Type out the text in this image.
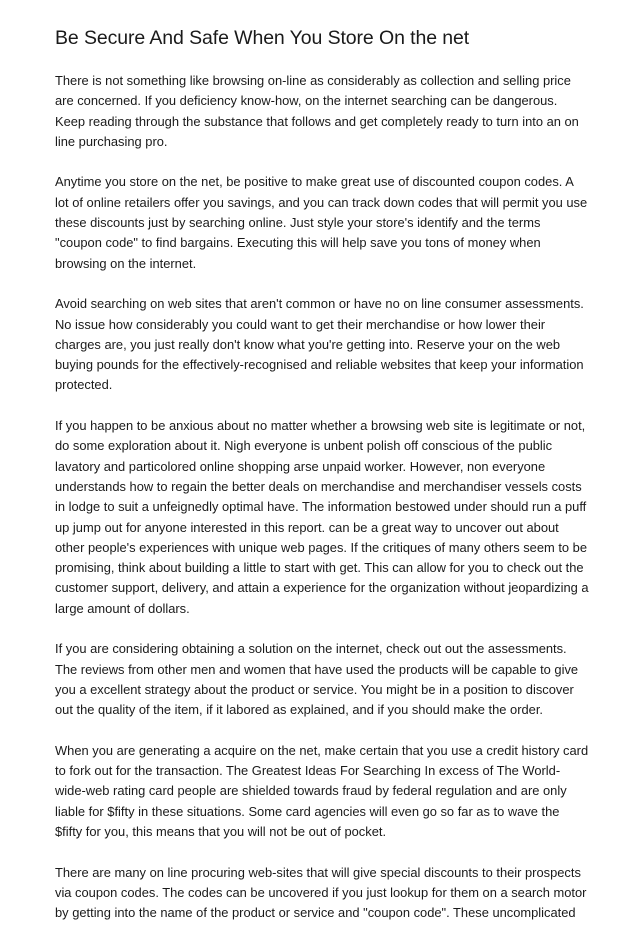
Be Secure And Safe When You Store On the net

There is not something like browsing on-line as considerably as collection and selling price are concerned. If you deficiency know-how, on the internet searching can be dangerous. Keep reading through the substance that follows and get completely ready to turn into an on line purchasing pro.

Anytime you store on the net, be positive to make great use of discounted coupon codes. A lot of online retailers offer you savings, and you can track down codes that will permit you use these discounts just by searching online. Just style your store's identify and the terms "coupon code" to find bargains. Executing this will help save you tons of money when browsing on the internet.

Avoid searching on web sites that aren't common or have no on line consumer assessments. No issue how considerably you could want to get their merchandise or how lower their charges are, you just really don't know what you're getting into. Reserve your on the web buying pounds for the effectively-recognised and reliable websites that keep your information protected.

If you happen to be anxious about no matter whether a browsing web site is legitimate or not, do some exploration about it. Nigh everyone is unbent polish off conscious of the public lavatory and particolored online shopping arse unpaid worker. However, non everyone understands how to regain the better deals on merchandise and merchandiser vessels costs in lodge to suit a unfeignedly optimal have. The information bestowed under should run a puff up jump out for anyone interested in this report. can be a great way to uncover out about other people's experiences with unique web pages. If the critiques of many others seem to be promising, think about building a little to start with get. This can allow for you to check out the customer support, delivery, and attain a experience for the organization without jeopardizing a large amount of dollars.

If you are considering obtaining a solution on the internet, check out out the assessments. The reviews from other men and women that have used the products will be capable to give you a excellent strategy about the product or service. You might be in a position to discover out the quality of the item, if it labored as explained, and if you should make the order.

When you are generating a acquire on the net, make certain that you use a credit history card to fork out for the transaction. The Greatest Ideas For Searching In excess of The World-wide-web rating card people are shielded towards fraud by federal regulation and are only liable for $fifty in these situations. Some card agencies will even go so far as to wave the $fifty for you, this means that you will not be out of pocket.

There are many on line procuring web-sites that will give special discounts to their prospects via coupon codes. The codes can be uncovered if you just lookup for them on a search motor by getting into the name of the product or service and "coupon code". These uncomplicated
